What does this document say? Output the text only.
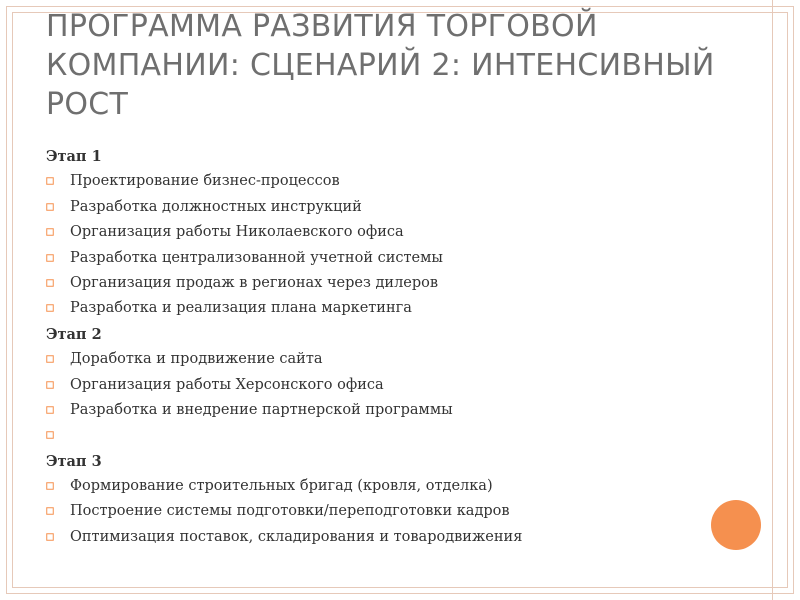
ПРОГРАММА РАЗВИТИЯ ТОРГОВОЙ КОМПАНИИ: СЦЕНАРИЙ 2: ИНТЕНСИВНЫЙ РОСТ
Этап 1
Проектирование бизнес-процессов
Разработка должностных инструкций
Организация работы Николаевского офиса
Разработка централизованной учетной системы
Организация продаж в регионах через дилеров
Разработка и реализация плана маркетинга
Этап 2
Доработка и продвижение сайта
Организация работы Херсонского офиса
Разработка и внедрение партнерской программы
Этап 3
Формирование строительных бригад (кровля, отделка)
Построение системы подготовки/переподготовки кадров
Оптимизация поставок, складирования и товародвижения
